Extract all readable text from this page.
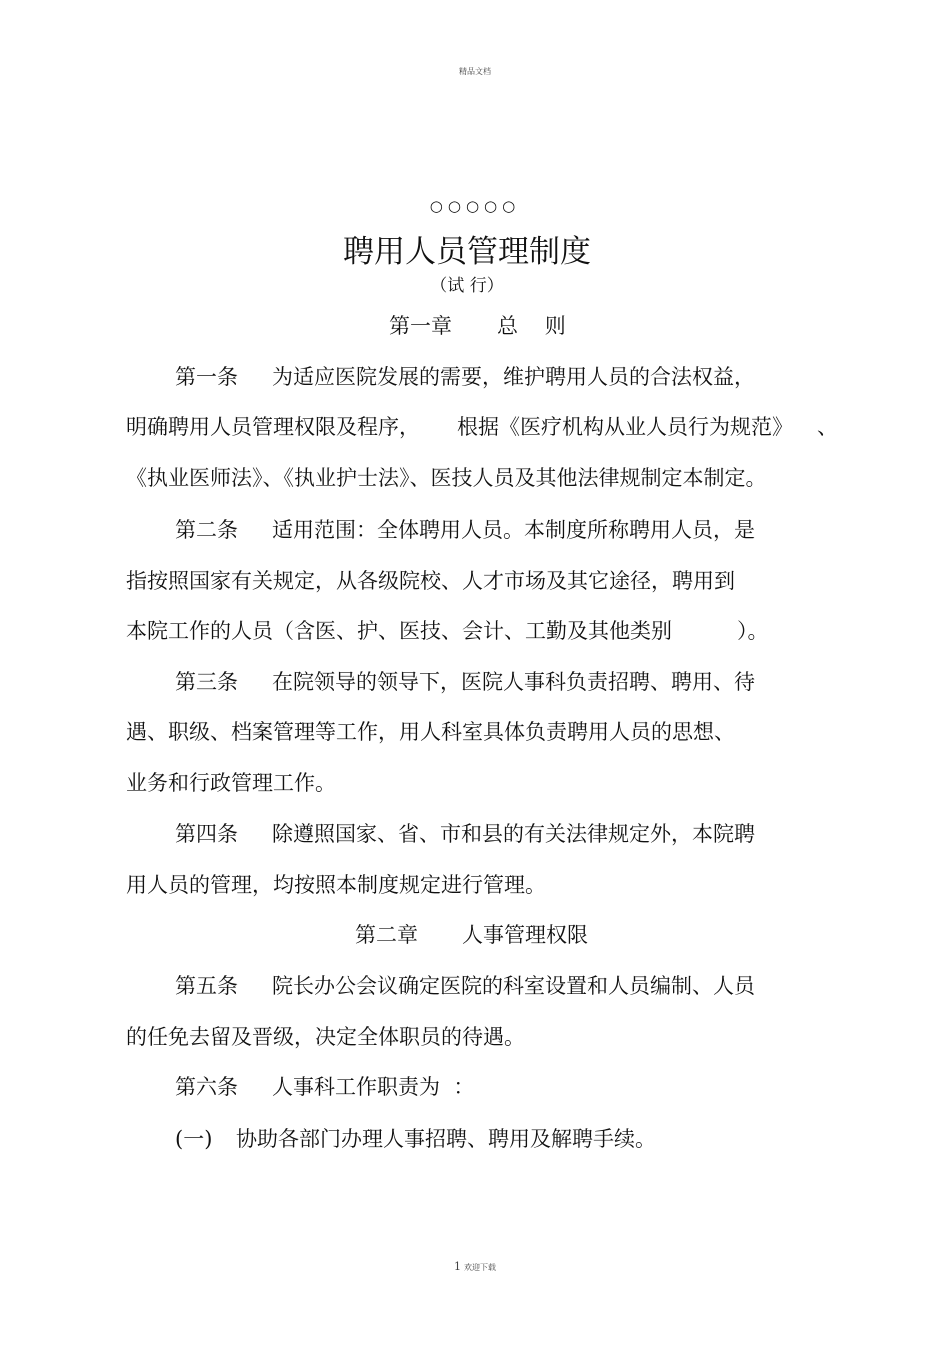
精品文档
○○○○○
聘用人员管理制度
（试 行）
第一章 总    则
第一条 为适应医院发展的需要，维护聘用人员的合法权益，
明确聘用人员管理权限及程序， 根据《医疗机构从业人员行为规范》 、
《执业医师法》、《执业护士法》、医技人员及其他法律规制定本制定。
第二条 适用范围：全体聘用人员。本制度所称聘用人员，是
指按照国家有关规定，从各级院校、人才市场及其它途径，聘用到
本院工作的人员（含医、护、医技、会计、工勤及其他类别	）。
第三条 在院领导的领导下，医院人事科负责招聘、聘用、待
遇、职级、档案管理等工作，用人科室具体负责聘用人员的思想、
业务和行政管理工作。
第四条 除遵照国家、省、市和县的有关法律规定外，本院聘
用人员的管理，均按照本制度规定进行管理。
第二章 人事管理权限
第五条 院长办公会议确定医院的科室设置和人员编制、人员
的任免去留及晋级，决定全体职员的待遇。
第六条 人事科工作职责为  ：
(一) 协助各部门办理人事招聘、聘用及解聘手续。
1 欢迎下载
